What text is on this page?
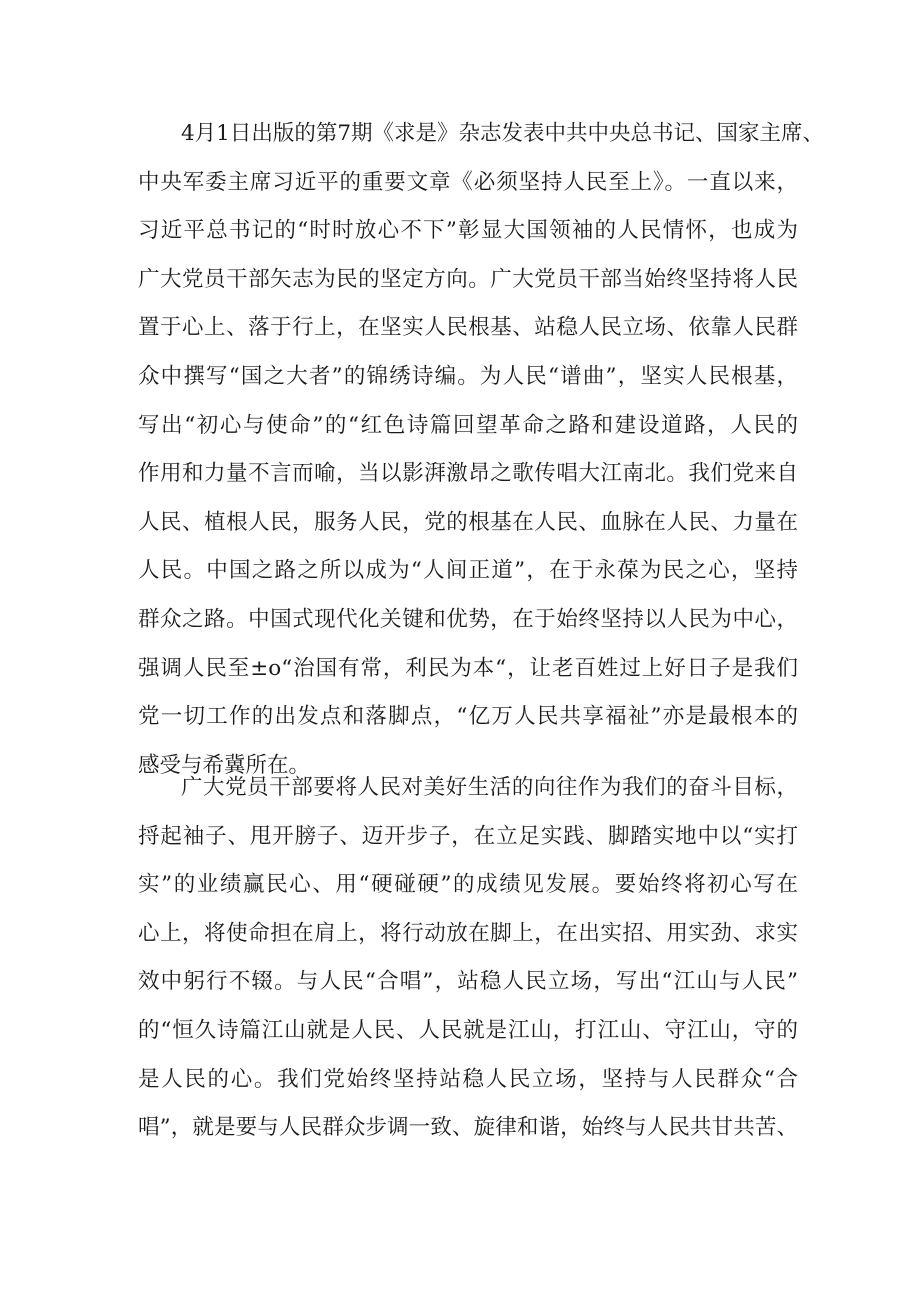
4月1日出版的第7期《求是》杂志发表中共中央总书记、国家主席、
中央军委主席习近平的重要文章《必须坚持人民至上》。一直以来，
习近平总书记的“时时放心不下”彰显大国领袖的人民情怀，也成为
广大党员干部矢志为民的坚定方向。广大党员干部当始终坚持将人民
置于心上、落于行上，在坚实人民根基、站稳人民立场、依靠人民群
众中撰写“国之大者”的锦绣诗编。为人民“谱曲”，坚实人民根基，
写出“初心与使命”的“红色诗篇回望革命之路和建设道路，人民的
作用和力量不言而喻，当以影湃激昂之歌传唱大江南北。我们党来自
人民、植根人民，服务人民，党的根基在人民、血脉在人民、力量在
人民。中国之路之所以成为“人间正道”，在于永葆为民之心，坚持
群众之路。中国式现代化关键和优势，在于始终坚持以人民为中心，
强调人民至±o“治国有常，利民为本“，让老百姓过上好日子是我们
党一切工作的出发点和落脚点，“亿万人民共享福祉”亦是最根本的
感受与希冀所在。
广大党员干部要将人民对美好生活的向往作为我们的奋斗目标，
捋起袖子、甩开膀子、迈开步子，在立足实践、脚踏实地中以“实打
实”的业绩赢民心、用“硬碰硬”的成绩见发展。要始终将初心写在
心上，将使命担在肩上，将行动放在脚上，在出实招、用实劲、求实
效中躬行不辍。与人民“合唱”，站稳人民立场，写出“江山与人民”
的“恒久诗篇江山就是人民、人民就是江山，打江山、守江山，守的
是人民的心。我们党始终坚持站稳人民立场，坚持与人民群众“合
唱”，就是要与人民群众步调一致、旋律和谐，始终与人民共甘共苦、
